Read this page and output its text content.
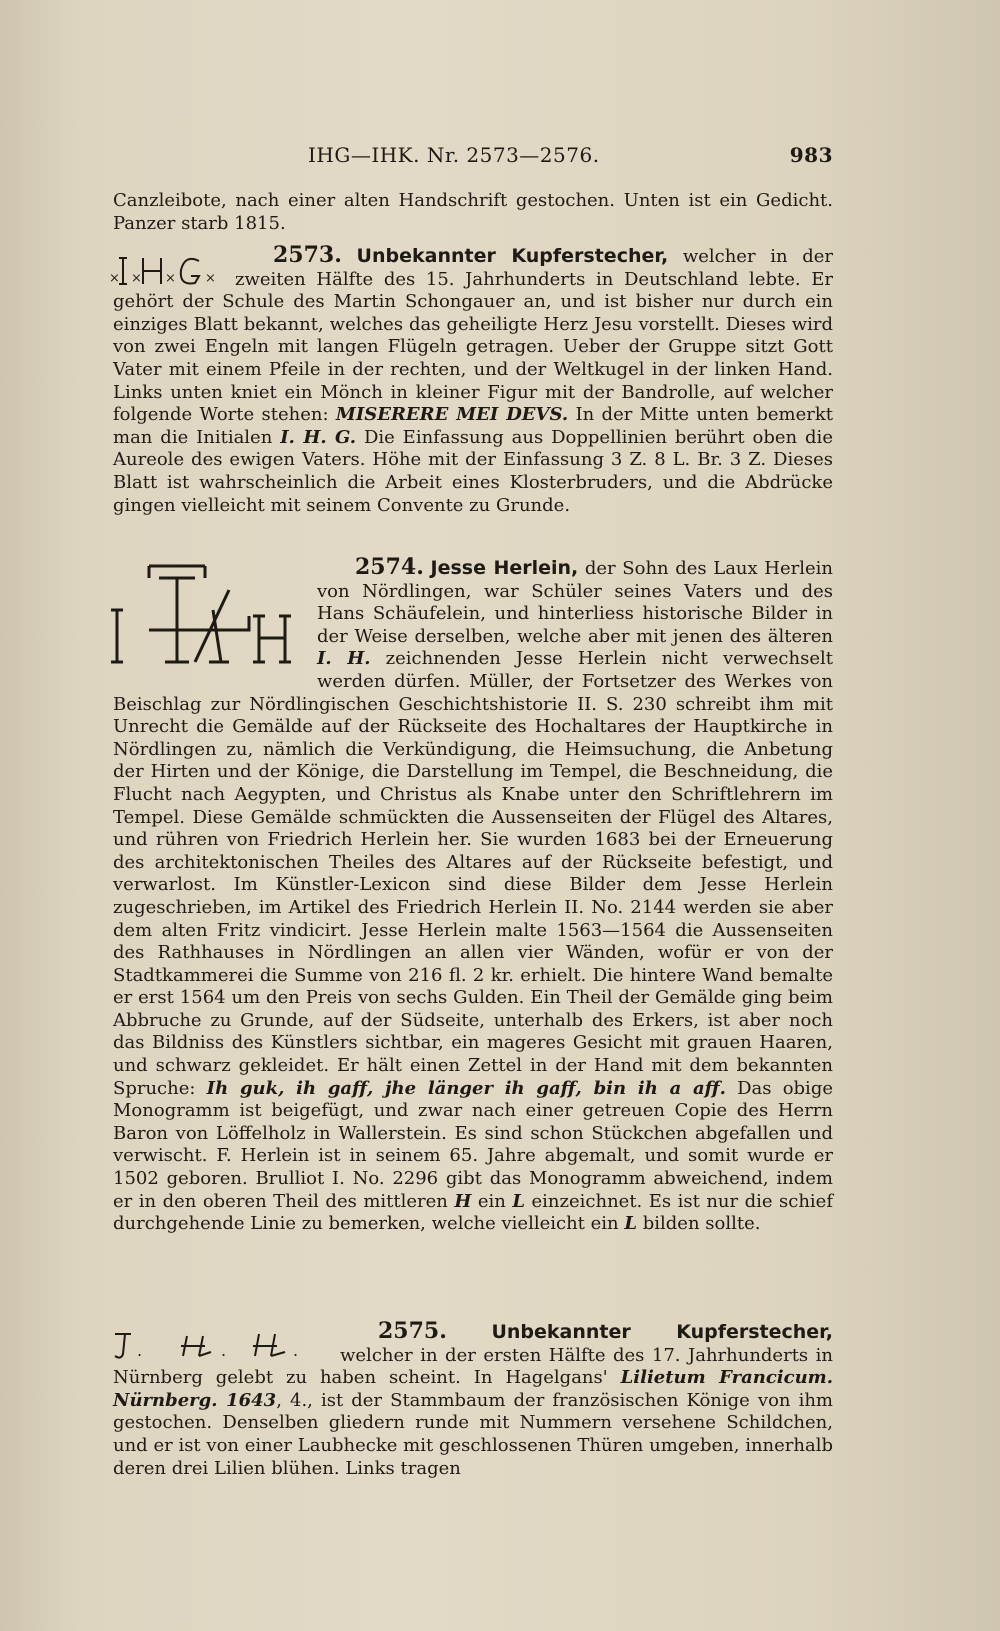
IHG—IHK. Nr. 2573—2576.	983
Canzleibote, nach einer alten Handschrift gestochen. Unten ist ein Gedicht. Panzer starb 1815.
2573. Unbekannter Kupferstecher,
× × × ×
welcher in der zweiten Hälfte des 15. Jahrhunderts in Deutschland lebte. Er gehört der Schule des Martin Schongauer an, und ist bisher nur durch ein einziges Blatt bekannt, welches das geheiligte Herz Jesu vorstellt. Dieses wird von zwei Engeln mit langen Flügeln getragen. Ueber der Gruppe sitzt Gott Vater mit einem Pfeile in der rechten, und der Weltkugel in der linken Hand. Links unten kniet ein Mönch in kleiner Figur mit der Bandrolle, auf welcher folgende Worte stehen: MISERERE MEI DEVS. In der Mitte unten bemerkt man die Initialen I. H. G. Die Einfassung aus Doppellinien berührt oben die Aureole des ewigen Vaters. Höhe mit der Einfassung 3 Z. 8 L. Br. 3 Z. Dieses Blatt ist wahrscheinlich die Arbeit eines Klosterbruders, und die Abdrücke gingen vielleicht mit seinem Convente zu Grunde.
2574. Jesse Herlein,
der Sohn des Laux Herlein von Nördlingen, war Schüler seines Vaters und des Hans Schäufelein, und hinterliess historische Bilder in der Weise derselben, welche aber mit jenen des älteren I. H. zeichnenden Jesse Herlein nicht verwechselt werden dürfen. Müller, der Fortsetzer des Werkes von Beischlag zur Nördlingischen Geschichtshistorie II. S. 230 schreibt ihm mit Unrecht die Gemälde auf der Rückseite des Hochaltares der Hauptkirche in Nördlingen zu, nämlich die Verkündigung, die Heimsuchung, die Anbetung der Hirten und der Könige, die Darstellung im Tempel, die Beschneidung, die Flucht nach Aegypten, und Christus als Knabe unter den Schriftlehrern im Tempel. Diese Gemälde schmückten die Aussenseiten der Flügel des Altares, und rühren von Friedrich Herlein her. Sie wurden 1683 bei der Erneuerung des architektonischen Theiles des Altares auf der Rückseite befestigt, und verwarlost. Im Künstler-Lexicon sind diese Bilder dem Jesse Herlein zugeschrieben, im Artikel des Friedrich Herlein II. No. 2144 werden sie aber dem alten Fritz vindicirt. Jesse Herlein malte 1563—1564 die Aussenseiten des Rathhauses in Nördlingen an allen vier Wänden, wofür er von der Stadtkammerei die Summe von 216 fl. 2 kr. erhielt. Die hintere Wand bemalte er erst 1564 um den Preis von sechs Gulden. Ein Theil der Gemälde ging beim Abbruche zu Grunde, auf der Südseite, unterhalb des Erkers, ist aber noch das Bildniss des Künstlers sichtbar, ein mageres Gesicht mit grauen Haaren, und schwarz gekleidet. Er hält einen Zettel in der Hand mit dem bekannten Spruche: Ih guk, ih gaff, jhe länger ih gaff, bin ih a aff. Das obige Monogramm ist beigefügt, und zwar nach einer getreuen Copie des Herrn Baron von Löffelholz in Wallerstein. Es sind schon Stückchen abgefallen und verwischt. F. Herlein ist in seinem 65. Jahre abgemalt, und somit wurde er 1502 geboren. Brulliot I. No. 2296 gibt das Monogramm abweichend, indem er in den oberen Theil des mittleren H ein L einzeichnet. Es ist nur die schief durchgehende Linie zu bemerken, welche vielleicht ein L bilden sollte.
2575. Unbekannter Kupferstecher,
.	.	. welcher in der ersten Hälfte des 17. Jahrhunderts in Nürnberg gelebt zu haben scheint. In Hagelgans' Lilietum Francicum. Nürnberg. 1643, 4., ist der Stammbaum der französischen Könige von ihm gestochen. Denselben gliedern runde mit Nummern versehene Schildchen, und er ist von einer Laubhecke mit geschlossenen Thüren umgeben, innerhalb deren drei Lilien blühen. Links tragen
